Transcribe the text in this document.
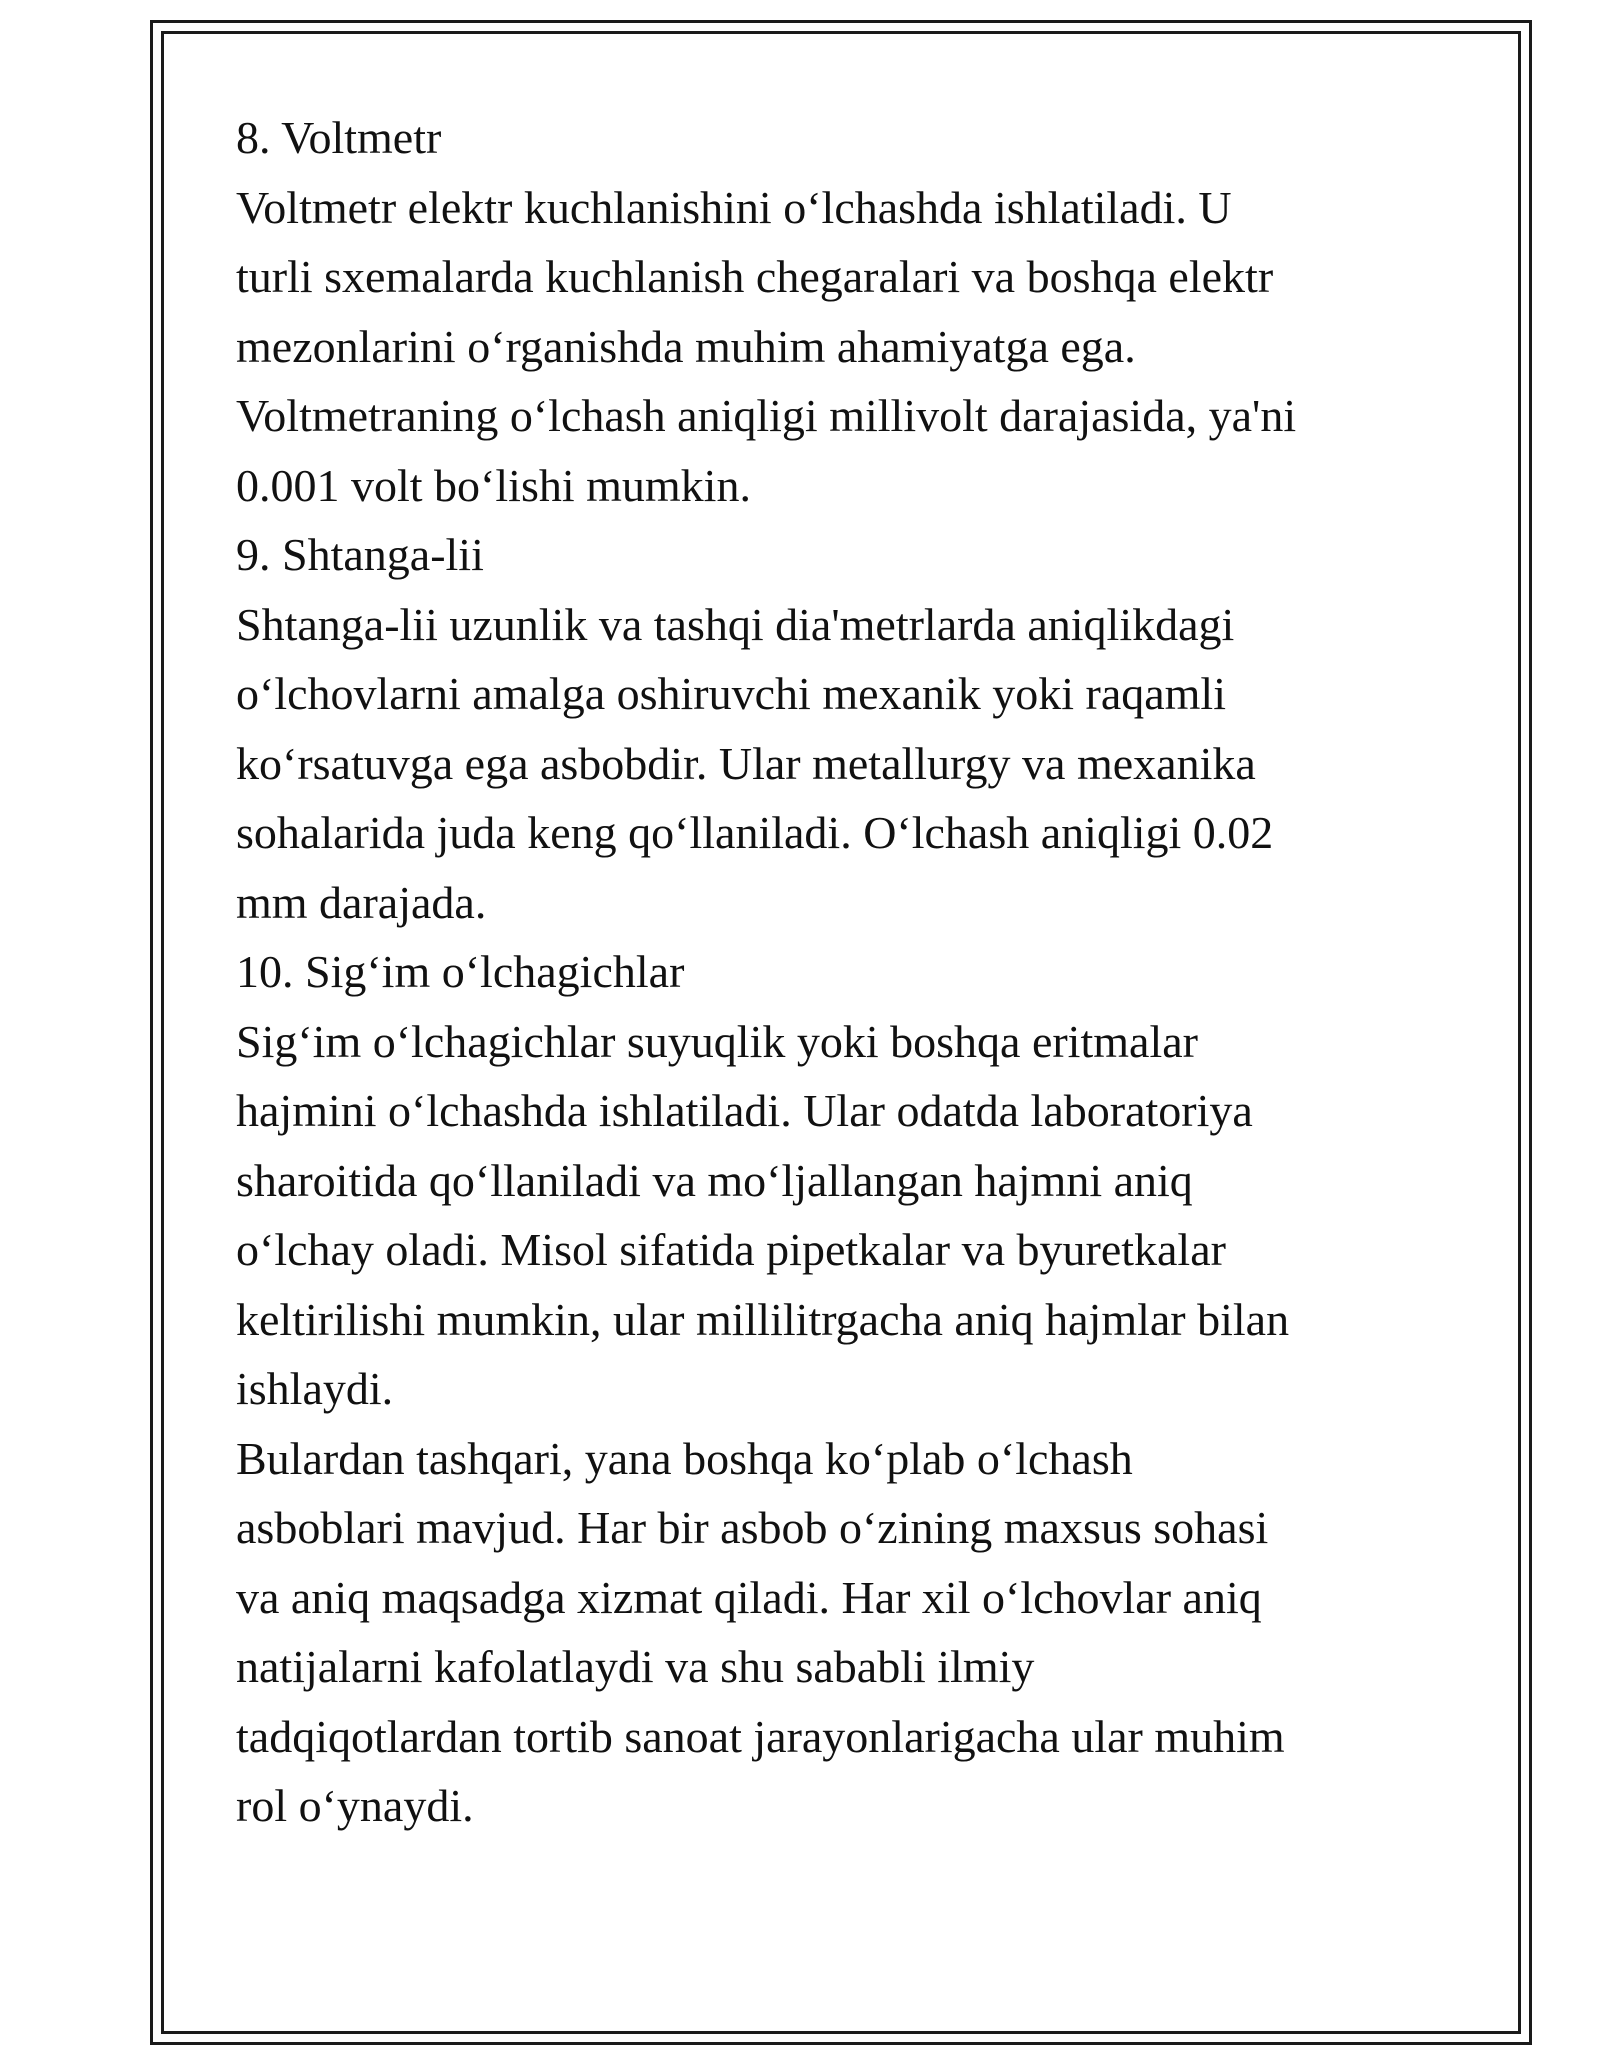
8. Voltmetr

Voltmetr elektr kuchlanishini o‘lchashda ishlatiladi. U
turli sxemalarda kuchlanish chegaralari va boshqa elektr
mezonlarini o‘rganishda muhim ahamiyatga ega.
Voltmetraning o‘lchash aniqligi millivolt darajasida, ya'ni
0.001 volt bo‘lishi mumkin.

9. Shtanga-lii

Shtanga-lii uzunlik va tashqi dia'metrlarda aniqlikdagi
o‘lchovlarni amalga oshiruvchi mexanik yoki raqamli
ko‘rsatuvga ega asbobdir. Ular metallurgy va mexanika
sohalarida juda keng qo‘llaniladi. O‘lchash aniqligi 0.02
mm darajada.

10. Sig‘im o‘lchagichlar

Sig‘im o‘lchagichlar suyuqlik yoki boshqa eritmalar
hajmini o‘lchashda ishlatiladi. Ular odatda laboratoriya
sharoitida qo‘llaniladi va mo‘ljallangan hajmni aniq
o‘lchay oladi. Misol sifatida pipetkalar va byuretkalar
keltirilishi mumkin, ular millilitrgacha aniq hajmlar bilan
ishlaydi.

Bulardan tashqari, yana boshqa ko‘plab o‘lchash
asboblari mavjud. Har bir asbob o‘zining maxsus sohasi
va aniq maqsadga xizmat qiladi. Har xil o‘lchovlar aniq
natijalarni kafolatlaydi va shu sababli ilmiy
tadqiqotlardan tortib sanoat jarayonlarigacha ular muhim
rol o‘ynaydi.
